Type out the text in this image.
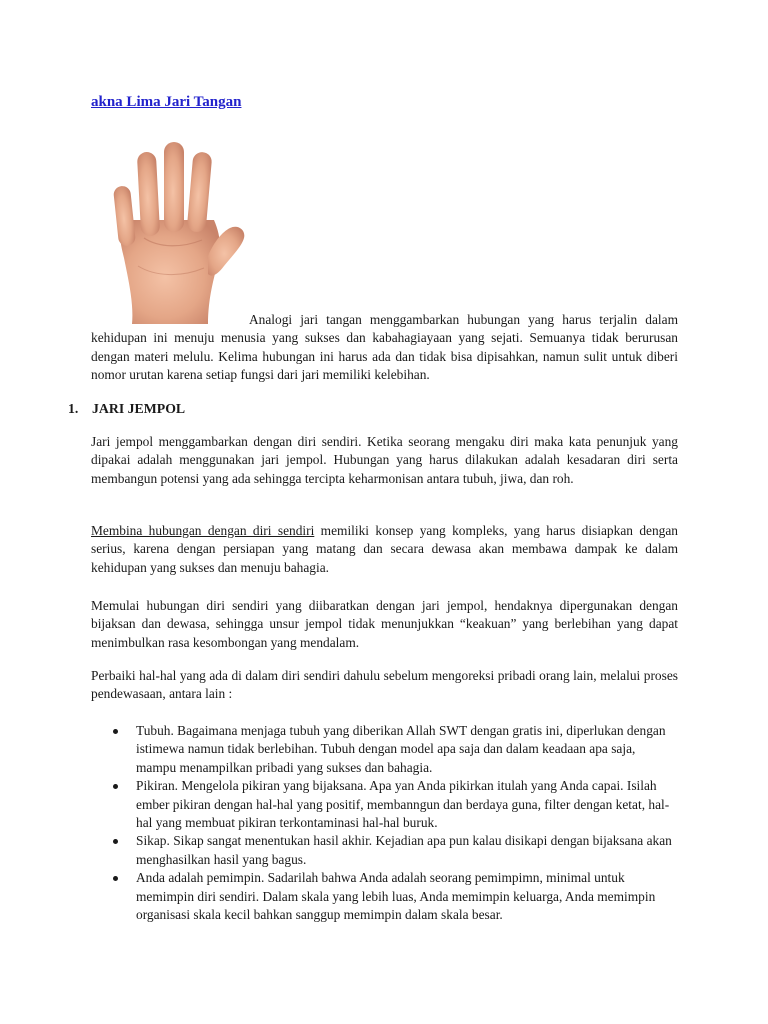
akna Lima Jari Tangan

Analogi jari tangan menggambarkan hubungan yang harus terjalin dalam kehidupan ini menuju menusia yang sukses dan kabahagiayaan yang sejati. Semuanya tidak berurusan dengan materi melulu. Kelima hubungan ini harus ada dan tidak bisa dipisahkan, namun sulit untuk diberi nomor urutan karena setiap fungsi dari jari memiliki kelebihan.

1. JARI JEMPOL

Jari jempol menggambarkan dengan diri sendiri. Ketika seorang mengaku diri maka kata penunjuk yang dipakai adalah menggunakan jari jempol. Hubungan yang harus dilakukan adalah kesadaran diri serta membangun potensi yang ada sehingga tercipta keharmonisan antara tubuh, jiwa, dan roh.

Membina hubungan dengan diri sendiri memiliki konsep yang kompleks, yang harus disiapkan dengan serius, karena dengan persiapan yang matang dan secara dewasa akan membawa dampak ke dalam kehidupan yang sukses dan menuju bahagia.

Memulai hubungan diri sendiri yang diibaratkan dengan jari jempol, hendaknya dipergunakan dengan bijaksan dan dewasa, sehingga unsur jempol tidak menunjukkan “keakuan” yang berlebihan yang dapat menimbulkan rasa kesombongan yang mendalam.

Perbaiki hal-hal yang ada di dalam diri sendiri dahulu sebelum mengoreksi pribadi orang lain, melalui proses pendewasaan, antara lain :

Tubuh. Bagaimana menjaga tubuh yang diberikan Allah SWT dengan gratis ini, diperlukan dengan istimewa namun tidak berlebihan. Tubuh dengan model apa saja dan dalam keadaan apa saja, mampu menampilkan pribadi yang sukses dan bahagia.
Pikiran. Mengelola pikiran yang bijaksana. Apa yan Anda pikirkan itulah yang Anda capai. Isilah ember pikiran dengan hal-hal yang positif, membanngun dan berdaya guna, filter dengan ketat, hal-hal yang membuat pikiran terkontaminasi hal-hal buruk.
Sikap. Sikap sangat menentukan hasil akhir. Kejadian apa pun kalau disikapi dengan bijaksana akan menghasilkan hasil yang bagus.
Anda adalah pemimpin. Sadarilah bahwa Anda adalah seorang pemimpimn, minimal untuk memimpin diri sendiri. Dalam skala yang lebih luas, Anda memimpin keluarga, Anda memimpin organisasi skala kecil bahkan sanggup memimpin dalam skala besar.
